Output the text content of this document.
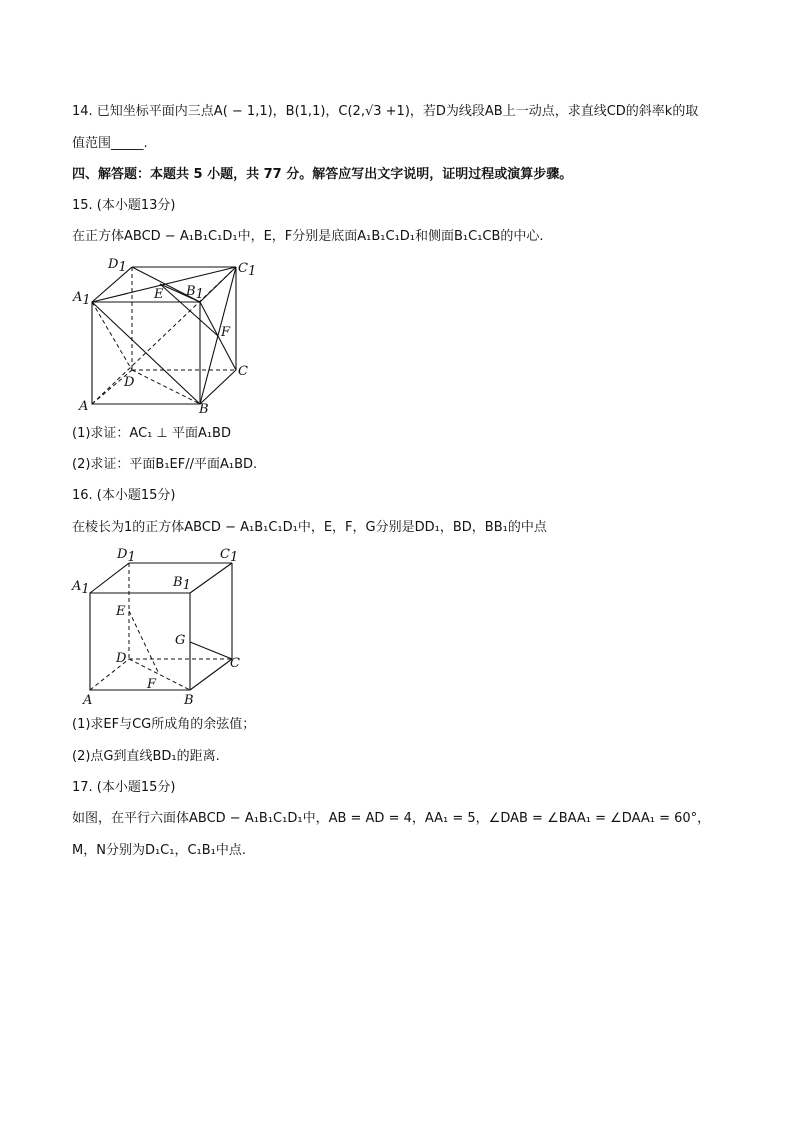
14. 已知坐标平面内三点A( − 1,1)，B(1,1)，C(2,√3 +1)，若D为线段AB上一动点，求直线CD的斜率k的取
值范围_____.
四、解答题：本题共 5 小题，共 77 分。解答应写出文字说明，证明过程或演算步骤。
15. (本小题13分)
在正方体ABCD − A₁B₁C₁D₁中，E，F分别是底面A₁B₁C₁D₁和侧面B₁C₁CB的中心.
D1	C1
A1
B1
E
F
C
D
A	B
(1)求证：AC₁ ⊥ 平面A₁BD
(2)求证：平面B₁EF//平面A₁BD.
16. (本小题15分)
在棱长为1的正方体ABCD − A₁B₁C₁D₁中，E，F，G分别是DD₁，BD，BB₁的中点
D1	C1
A1	B1
E
G
D	C
F
A	B
(1)求EF与CG所成角的余弦值；
(2)点G到直线BD₁的距离.
17. (本小题15分)
如图，在平行六面体ABCD − A₁B₁C₁D₁中，AB = AD = 4，AA₁ = 5，∠DAB = ∠BAA₁ = ∠DAA₁ = 60°，
M，N分别为D₁C₁，C₁B₁中点.
